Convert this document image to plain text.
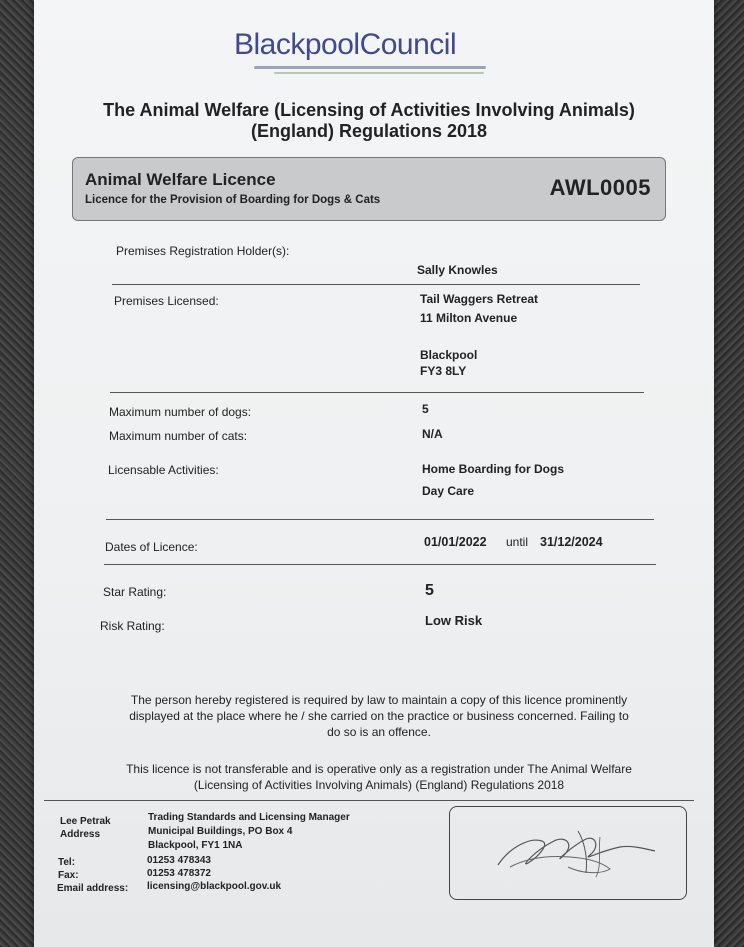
BlackpoolCouncil
The Animal Welfare (Licensing of Activities Involving Animals) (England) Regulations 2018
Animal Welfare Licence
Licence for the Provision of Boarding for Dogs & Cats	AWL0005
Premises Registration Holder(s):
Sally Knowles
Premises Licensed:	Tail Waggers Retreat
11 Milton Avenue
Blackpool
FY3 8LY
Maximum number of dogs:	5
Maximum number of cats:	N/A
Licensable Activities:	Home Boarding for Dogs
Day Care
Dates of Licence:	01/01/2022 until 31/12/2024
Star Rating:	5
Risk Rating:	Low Risk
The person hereby registered is required by law to maintain a copy of this licence prominently displayed at the place where he / she carried on the practice or business concerned. Failing to do so is an offence.
This licence is not transferable and is operative only as a registration under The Animal Welfare (Licensing of Activities Involving Animals) (England) Regulations 2018
Lee Petrak
Address
Trading Standards and Licensing Manager
Municipal Buildings, PO Box 4
Blackpool, FY1 1NA
Tel:	01253 478343
Fax:	01253 478372
Email address: licensing@blackpool.gov.uk
